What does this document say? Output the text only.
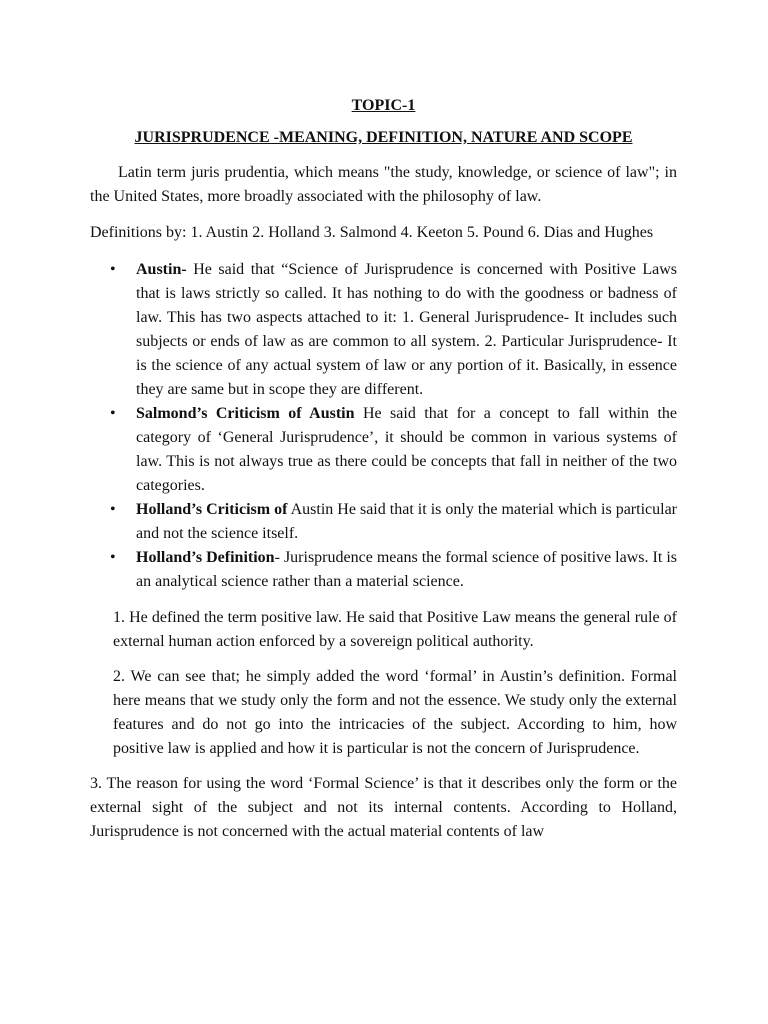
TOPIC-1

JURISPRUDENCE -MEANING, DEFINITION, NATURE AND SCOPE

Latin term juris prudentia, which means "the study, knowledge, or science of law"; in the United States, more broadly associated with the philosophy of law.

Definitions by: 1. Austin 2. Holland 3. Salmond 4. Keeton 5. Pound 6. Dias and Hughes

• Austin- He said that “Science of Jurisprudence is concerned with Positive Laws that is laws strictly so called. It has nothing to do with the goodness or badness of law. This has two aspects attached to it: 1. General Jurisprudence- It includes such subjects or ends of law as are common to all system. 2. Particular Jurisprudence- It is the science of any actual system of law or any portion of it. Basically, in essence they are same but in scope they are different.
• Salmond’s Criticism of Austin He said that for a concept to fall within the category of ‘General Jurisprudence’, it should be common in various systems of law. This is not always true as there could be concepts that fall in neither of the two categories.
• Holland’s Criticism of Austin He said that it is only the material which is particular and not the science itself.
• Holland’s Definition- Jurisprudence means the formal science of positive laws. It is an analytical science rather than a material science.

1. He defined the term positive law. He said that Positive Law means the general rule of external human action enforced by a sovereign political authority.

2. We can see that; he simply added the word ‘formal’ in Austin’s definition. Formal here means that we study only the form and not the essence. We study only the external features and do not go into the intricacies of the subject. According to him, how positive law is applied and how it is particular is not the concern of Jurisprudence.

3. The reason for using the word ‘Formal Science’ is that it describes only the form or the external sight of the subject and not its internal contents. According to Holland, Jurisprudence is not concerned with the actual material contents of law
